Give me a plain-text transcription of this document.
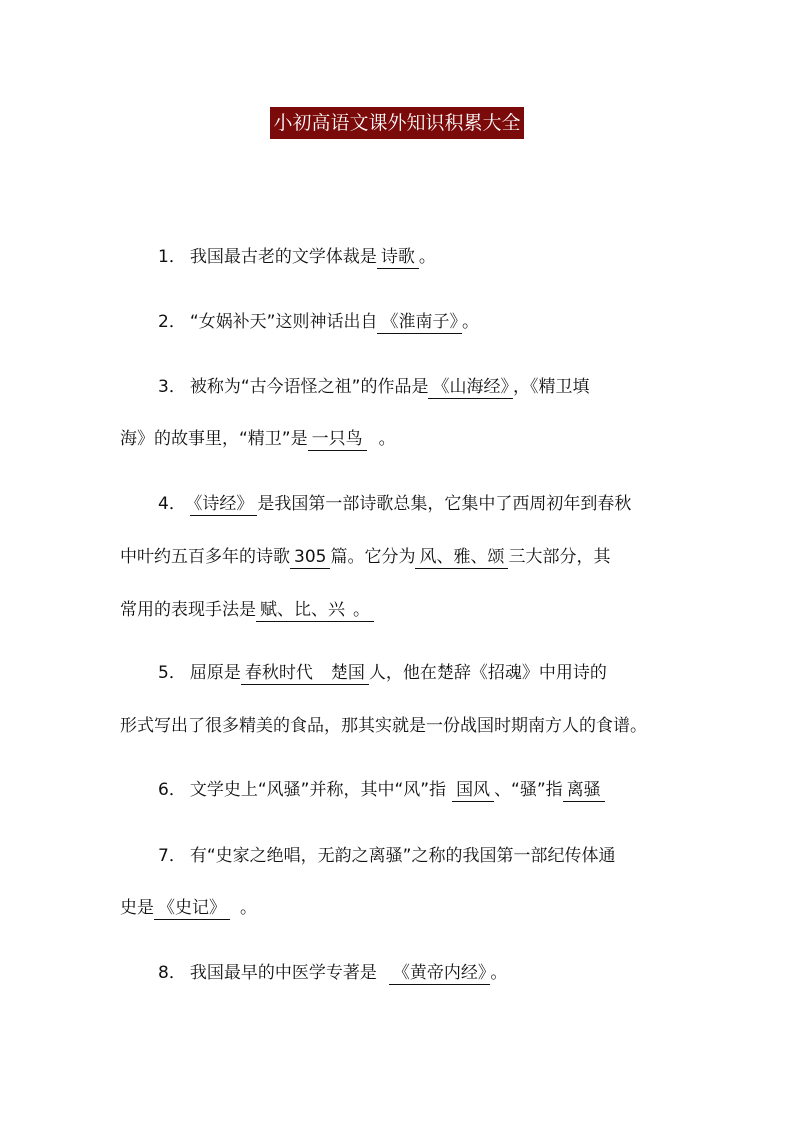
小初高语文课外知识积累大全
1． 我国最古老的文学体裁是 诗歌 。
2． “女娲补天”这则神话出自 《淮南子》 。
3． 被称为“古今语怪之祖”的作品是 《山海经》 ，《精卫填
海》的故事里，“精卫”是 一只鸟 。
4． 《诗经》 是我国第一部诗歌总集，它集中了西周初年到春秋
中叶约五百多年的诗歌 305 篇。它分为 风、雅、颂 三大部分，其
常用的表现手法是 赋、比、兴 。
5． 屈原是 春秋时代 楚国 人，他在楚辞《招魂》中用诗的
形式写出了很多精美的食品，那其实就是一份战国时期南方人的食谱。
6． 文学史上“风骚”并称，其中“风”指 国风 、“骚”指 离骚
7． 有“史家之绝唱，无韵之离骚”之称的我国第一部纪传体通
史是 《史记》 。
8． 我国最早的中医学专著是 《黄帝内经》 。
